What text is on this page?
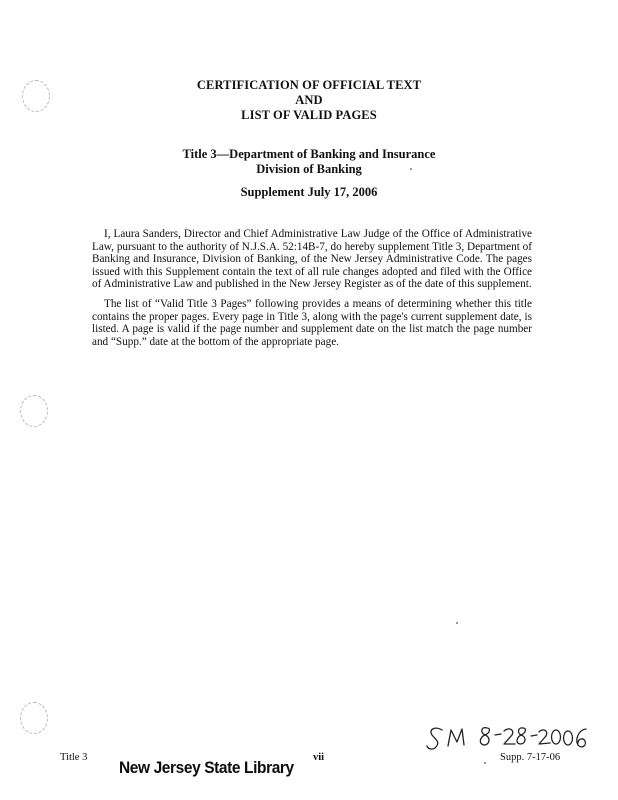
CERTIFICATION OF OFFICIAL TEXT
AND
LIST OF VALID PAGES
Title 3—Department of Banking and Insurance
Division of Banking
Supplement July 17, 2006

I, Laura Sanders, Director and Chief Administrative Law Judge of the Office of Administrative Law, pursuant to the authority of N.J.S.A. 52:14B-7, do hereby supplement Title 3, Department of Banking and Insurance, Division of Banking, of the New Jersey Administrative Code. The pages issued with this Supplement contain the text of all rule changes adopted and filed with the Office of Administrative Law and published in the New Jersey Register as of the date of this supplement.

The list of “Valid Title 3 Pages” following provides a means of determining whether this title contains the proper pages. Every page in Title 3, along with the page's current supplement date, is listed. A page is valid if the page number and supplement date on the list match the page number and “Supp.” date at the bottom of the appropriate page.

Title 3	vii	Supp. 7-17-06
New Jersey State Library
